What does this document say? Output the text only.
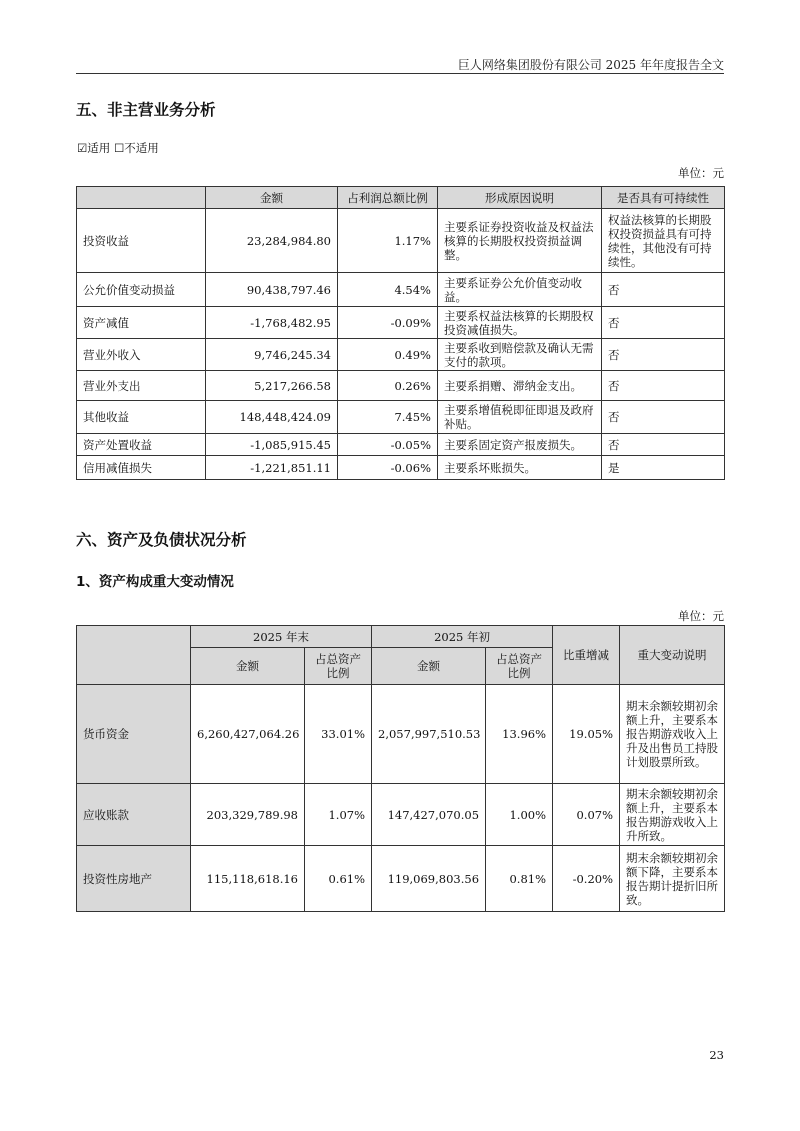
巨人网络集团股份有限公司 2025 年年度报告全文
五、非主营业务分析
☑适用 ☐不适用
单位：元
	金额	占利润总额比例	形成原因说明	是否具有可持续性
投资收益	23,284,984.80	1.17%	主要系证券投资收益及权益法核算的长期股权投资损益调整。	权益法核算的长期股权投资损益具有可持续性，其他没有可持续性。
公允价值变动损益	90,438,797.46	4.54%	主要系证券公允价值变动收益。	否
资产减值	-1,768,482.95	-0.09%	主要系权益法核算的长期股权投资减值损失。	否
营业外收入	9,746,245.34	0.49%	主要系收到赔偿款及确认无需支付的款项。	否
营业外支出	5,217,266.58	0.26%	主要系捐赠、滞纳金支出。	否
其他收益	148,448,424.09	7.45%	主要系增值税即征即退及政府补贴。	否
资产处置收益	-1,085,915.45	-0.05%	主要系固定资产报废损失。	否
信用减值损失	-1,221,851.11	-0.06%	主要系坏账损失。	是
六、资产及负债状况分析
1、资产构成重大变动情况
单位：元
	2025 年末		2025 年初		比重增减	重大变动说明
	金额	占总资产比例	金额	占总资产比例		
货币资金	6,260,427,064.26	33.01%	2,057,997,510.53	13.96%	19.05%	期末余额较期初余额上升，主要系本报告期游戏收入上升及出售员工持股计划股票所致。
应收账款	203,329,789.98	1.07%	147,427,070.05	1.00%	0.07%	期末余额较期初余额上升，主要系本报告期游戏收入上升所致。
投资性房地产	115,118,618.16	0.61%	119,069,803.56	0.81%	-0.20%	期末余额较期初余额下降，主要系本报告期计提折旧所致。
23
